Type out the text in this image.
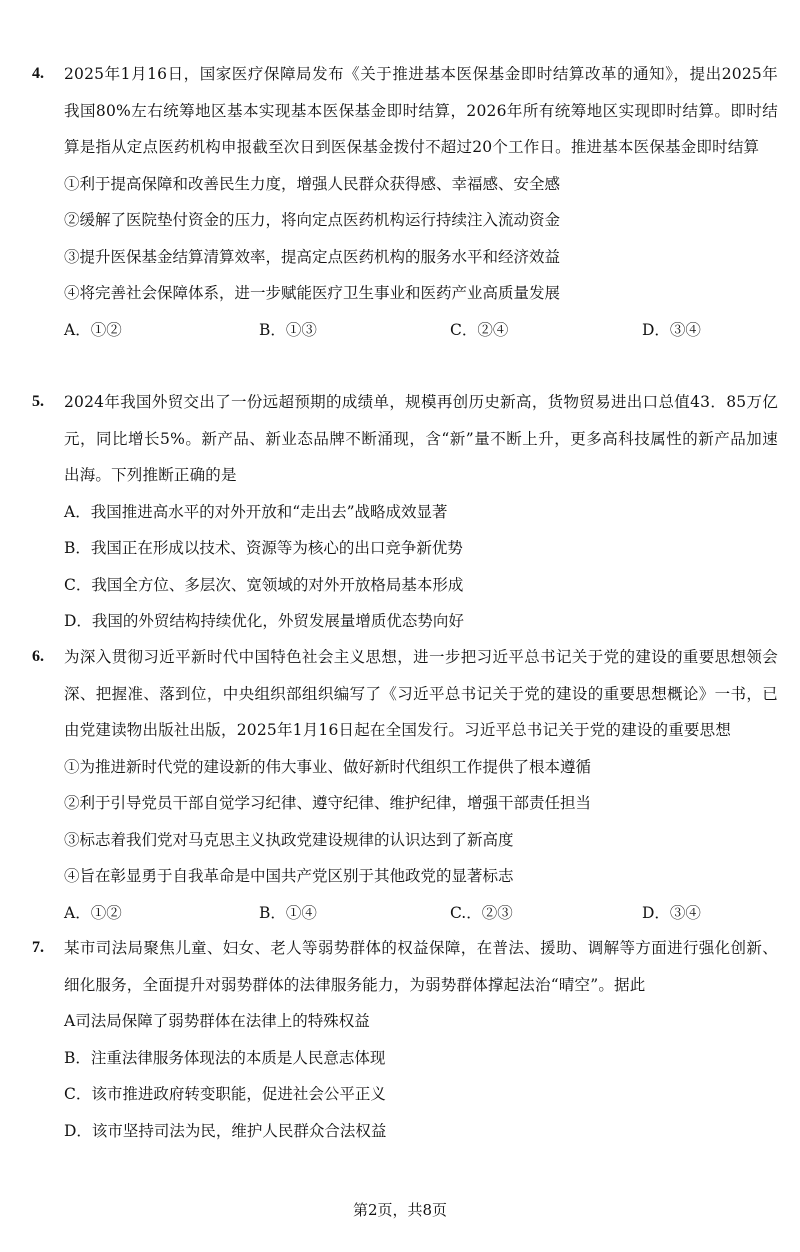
4. 2025年1月16日，国家医疗保障局发布《关于推进基本医保基金即时结算改革的通知》，提出2025年我国80%左右统筹地区基本实现基本医保基金即时结算，2026年所有统筹地区实现即时结算。即时结算是指从定点医药机构申报截至次日到医保基金拨付不超过20个工作日。推进基本医保基金即时结算
①利于提高保障和改善民生力度，增强人民群众获得感、幸福感、安全感
②缓解了医院垫付资金的压力，将向定点医药机构运行持续注入流动资金
③提升医保基金结算清算效率，提高定点医药机构的服务水平和经济效益
④将完善社会保障体系，进一步赋能医疗卫生事业和医药产业高质量发展
A．①②	B．①③	C．②④	D．③④
5. 2024年我国外贸交出了一份远超预期的成绩单，规模再创历史新高，货物贸易进出口总值43．85万亿元，同比增长5%。新产品、新业态品牌不断涌现，含“新”量不断上升，更多高科技属性的新产品加速出海。下列推断正确的是
A．我国推进高水平的对外开放和“走出去”战略成效显著
B．我国正在形成以技术、资源等为核心的出口竞争新优势
C．我国全方位、多层次、宽领域的对外开放格局基本形成
D．我国的外贸结构持续优化，外贸发展量增质优态势向好
6. 为深入贯彻习近平新时代中国特色社会主义思想，进一步把习近平总书记关于党的建设的重要思想领会深、把握准、落到位，中央组织部组织编写了《习近平总书记关于党的建设的重要思想概论》一书，已由党建读物出版社出版，2025年1月16日起在全国发行。习近平总书记关于党的建设的重要思想
①为推进新时代党的建设新的伟大事业、做好新时代组织工作提供了根本遵循
②利于引导党员干部自觉学习纪律、遵守纪律、维护纪律，增强干部责任担当
③标志着我们党对马克思主义执政党建设规律的认识达到了新高度
④旨在彰显勇于自我革命是中国共产党区别于其他政党的显著标志
A．①②	B．①④	C.．②③	D．③④
7. 某市司法局聚焦儿童、妇女、老人等弱势群体的权益保障，在普法、援助、调解等方面进行强化创新、细化服务，全面提升对弱势群体的法律服务能力，为弱势群体撑起法治“晴空”。据此
A司法局保障了弱势群体在法律上的特殊权益
B．注重法律服务体现法的本质是人民意志体现
C．该市推进政府转变职能，促进社会公平正义
D．该市坚持司法为民，维护人民群众合法权益
第2页，共8页
